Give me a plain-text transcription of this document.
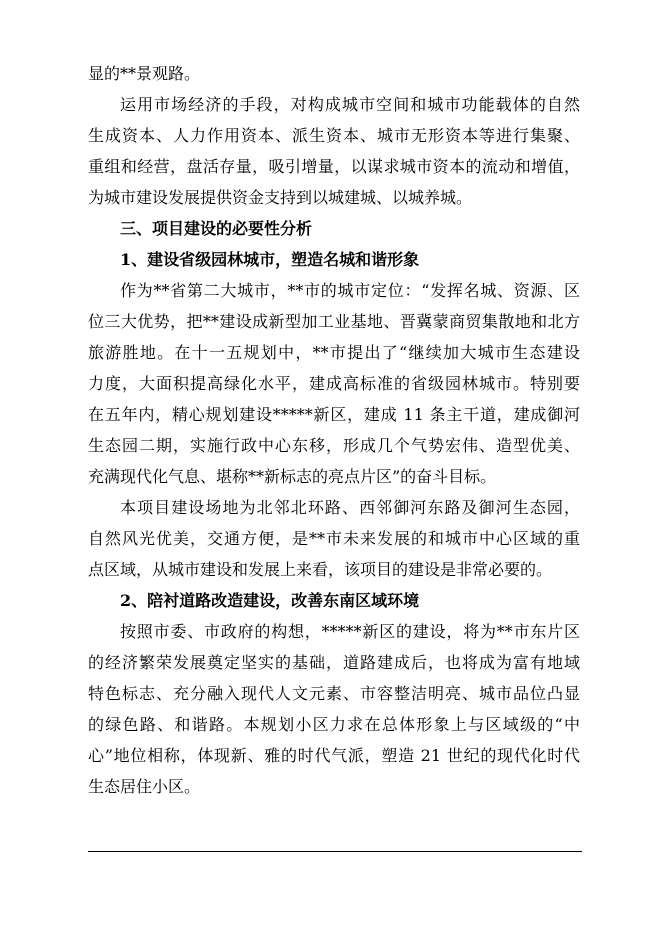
显的**景观路。
运用市场经济的手段，对构成城市空间和城市功能载体的自然
生成资本、人力作用资本、派生资本、城市无形资本等进行集聚、
重组和经营，盘活存量，吸引增量，以谋求城市资本的流动和增值，
为城市建设发展提供资金支持到以城建城、以城养城。
三、项目建设的必要性分析
1、建设省级园林城市，塑造名城和谐形象
作为**省第二大城市，**市的城市定位：“发挥名城、资源、区
位三大优势，把**建设成新型加工业基地、晋冀蒙商贸集散地和北方
旅游胜地。在十一五规划中，**市提出了“继续加大城市生态建设
力度，大面积提高绿化水平，建成高标准的省级园林城市。特别要
在五年内，精心规划建设*****新区，建成 11 条主干道，建成御河
生态园二期，实施行政中心东移，形成几个气势宏伟、造型优美、
充满现代化气息、堪称**新标志的亮点片区”的奋斗目标。
本项目建设场地为北邻北环路、西邻御河东路及御河生态园，
自然风光优美，交通方便，是**市未来发展的和城市中心区域的重
点区域，从城市建设和发展上来看，该项目的建设是非常必要的。
2、陪衬道路改造建设，改善东南区域环境
按照市委、市政府的构想，*****新区的建设，将为**市东片区
的经济繁荣发展奠定坚实的基础，道路建成后，也将成为富有地域
特色标志、充分融入现代人文元素、市容整洁明亮、城市品位凸显
的绿色路、和谐路。本规划小区力求在总体形象上与区域级的“中
心”地位相称，体现新、雅的时代气派，塑造 21 世纪的现代化时代
生态居住小区。
